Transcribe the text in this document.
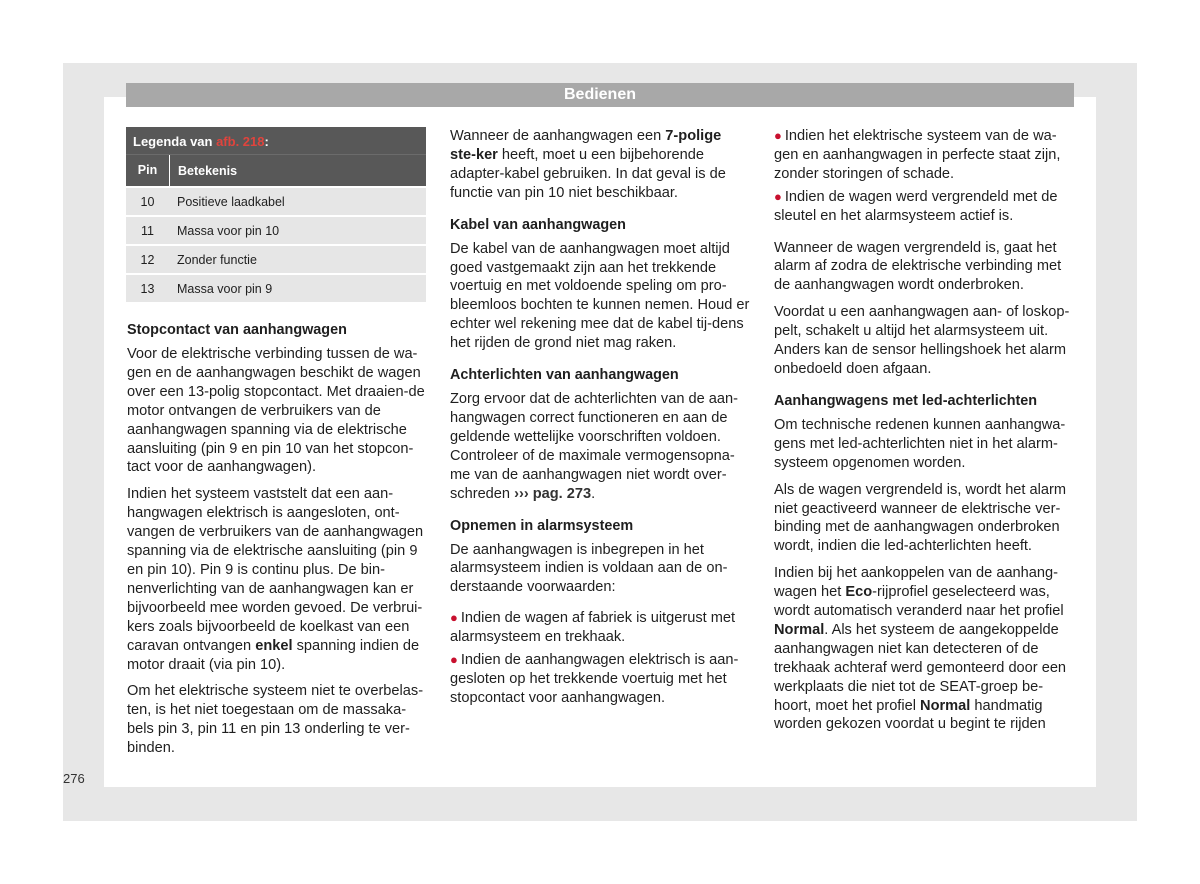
Bedienen
Legenda van afb. 218:
Pin	Betekenis
10	Positieve laadkabel
11	Massa voor pin 10
12	Zonder functie
13	Massa voor pin 9
Stopcontact van aanhangwagen

Voor de elektrische verbinding tussen de wa-gen en de aanhangwagen beschikt de wagen over een 13-polig stopcontact. Met draaien-de motor ontvangen de verbruikers van de aanhangwagen spanning via de elektrische aansluiting (pin 9 en pin 10 van het stopcon-tact voor de aanhangwagen).

Indien het systeem vaststelt dat een aan-hangwagen elektrisch is aangesloten, ont-vangen de verbruikers van de aanhangwagen spanning via de elektrische aansluiting (pin 9 en pin 10). Pin 9 is continu plus. De bin-nenverlichting van de aanhangwagen kan er bijvoorbeeld mee worden gevoed. De verbrui-kers zoals bijvoorbeeld de koelkast van een caravan ontvangen enkel spanning indien de motor draait (via pin 10).

Om het elektrische systeem niet te overbelas-ten, is het niet toegestaan om de massaka-bels pin 3, pin 11 en pin 13 onderling te ver-binden.

Wanneer de aanhangwagen een 7-polige ste-ker heeft, moet u een bijbehorende adapter-kabel gebruiken. In dat geval is de functie van pin 10 niet beschikbaar.

Kabel van aanhangwagen

De kabel van de aanhangwagen moet altijd goed vastgemaakt zijn aan het trekkende voertuig en met voldoende speling om pro-bleemloos bochten te kunnen nemen. Houd er echter wel rekening mee dat de kabel tij-dens het rijden de grond niet mag raken.

Achterlichten van aanhangwagen

Zorg ervoor dat de achterlichten van de aan-hangwagen correct functioneren en aan de geldende wettelijke voorschriften voldoen. Controleer of de maximale vermogensopna-me van de aanhangwagen niet wordt over-schreden ››› pag. 273.

Opnemen in alarmsysteem

De aanhangwagen is inbegrepen in het alarmsysteem indien is voldaan aan de on-derstaande voorwaarden:

● Indien de wagen af fabriek is uitgerust met alarmsysteem en trekhaak.

● Indien de aanhangwagen elektrisch is aan-gesloten op het trekkende voertuig met het stopcontact voor aanhangwagen.

● Indien het elektrische systeem van de wa-gen en aanhangwagen in perfecte staat zijn, zonder storingen of schade.

● Indien de wagen werd vergrendeld met de sleutel en het alarmsysteem actief is.

Wanneer de wagen vergrendeld is, gaat het alarm af zodra de elektrische verbinding met de aanhangwagen wordt onderbroken.

Voordat u een aanhangwagen aan- of loskop-pelt, schakelt u altijd het alarmsysteem uit. Anders kan de sensor hellingshoek het alarm onbedoeld doen afgaan.

Aanhangwagens met led-achterlichten

Om technische redenen kunnen aanhangwa-gens met led-achterlichten niet in het alarm-systeem opgenomen worden.

Als de wagen vergrendeld is, wordt het alarm niet geactiveerd wanneer de elektrische ver-binding met de aanhangwagen onderbroken wordt, indien die led-achterlichten heeft.

Indien bij het aankoppelen van de aanhang-wagen het Eco-rijprofiel geselecteerd was, wordt automatisch veranderd naar het profiel Normal. Als het systeem de aangekoppelde aanhangwagen niet kan detecteren of de trekhaak achteraf werd gemonteerd door een werkplaats die niet tot de SEAT-groep be-hoort, moet het profiel Normal handmatig worden gekozen voordat u begint te rijden

276
